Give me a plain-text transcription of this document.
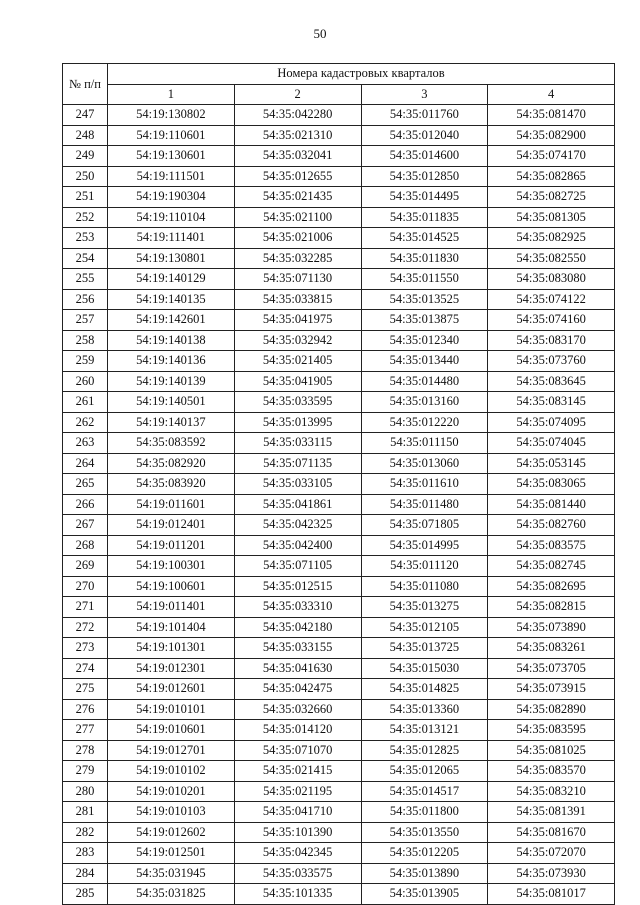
50
№ п/п	Номера кадастровых кварталов			
	1	2	3	4
247	54:19:130802	54:35:042280	54:35:011760	54:35:081470
248	54:19:110601	54:35:021310	54:35:012040	54:35:082900
249	54:19:130601	54:35:032041	54:35:014600	54:35:074170
250	54:19:111501	54:35:012655	54:35:012850	54:35:082865
251	54:19:190304	54:35:021435	54:35:014495	54:35:082725
252	54:19:110104	54:35:021100	54:35:011835	54:35:081305
253	54:19:111401	54:35:021006	54:35:014525	54:35:082925
254	54:19:130801	54:35:032285	54:35:011830	54:35:082550
255	54:19:140129	54:35:071130	54:35:011550	54:35:083080
256	54:19:140135	54:35:033815	54:35:013525	54:35:074122
257	54:19:142601	54:35:041975	54:35:013875	54:35:074160
258	54:19:140138	54:35:032942	54:35:012340	54:35:083170
259	54:19:140136	54:35:021405	54:35:013440	54:35:073760
260	54:19:140139	54:35:041905	54:35:014480	54:35:083645
261	54:19:140501	54:35:033595	54:35:013160	54:35:083145
262	54:19:140137	54:35:013995	54:35:012220	54:35:074095
263	54:35:083592	54:35:033115	54:35:011150	54:35:074045
264	54:35:082920	54:35:071135	54:35:013060	54:35:053145
265	54:35:083920	54:35:033105	54:35:011610	54:35:083065
266	54:19:011601	54:35:041861	54:35:011480	54:35:081440
267	54:19:012401	54:35:042325	54:35:071805	54:35:082760
268	54:19:011201	54:35:042400	54:35:014995	54:35:083575
269	54:19:100301	54:35:071105	54:35:011120	54:35:082745
270	54:19:100601	54:35:012515	54:35:011080	54:35:082695
271	54:19:011401	54:35:033310	54:35:013275	54:35:082815
272	54:19:101404	54:35:042180	54:35:012105	54:35:073890
273	54:19:101301	54:35:033155	54:35:013725	54:35:083261
274	54:19:012301	54:35:041630	54:35:015030	54:35:073705
275	54:19:012601	54:35:042475	54:35:014825	54:35:073915
276	54:19:010101	54:35:032660	54:35:013360	54:35:082890
277	54:19:010601	54:35:014120	54:35:013121	54:35:083595
278	54:19:012701	54:35:071070	54:35:012825	54:35:081025
279	54:19:010102	54:35:021415	54:35:012065	54:35:083570
280	54:19:010201	54:35:021195	54:35:014517	54:35:083210
281	54:19:010103	54:35:041710	54:35:011800	54:35:081391
282	54:19:012602	54:35:101390	54:35:013550	54:35:081670
283	54:19:012501	54:35:042345	54:35:012205	54:35:072070
284	54:35:031945	54:35:033575	54:35:013890	54:35:073930
285	54:35:031825	54:35:101335	54:35:013905	54:35:081017
